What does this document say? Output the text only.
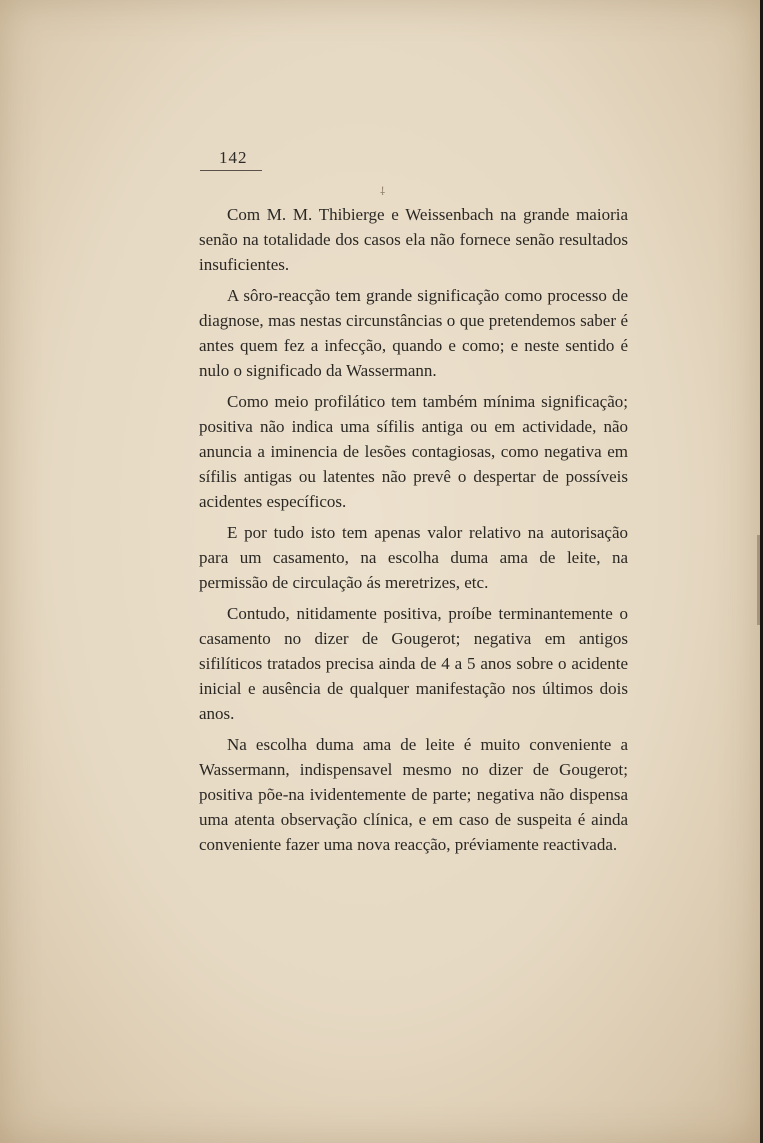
142
⸸

Com M. M. Thibierge e Weissenbach na grande maioria senão na totalidade dos casos ela não fornece senão resultados insuficientes.

A sôro-reacção tem grande significação como processo de diagnose, mas nestas circunstâncias o que pretendemos saber é antes quem fez a infecção, quando e como; e neste sentido é nulo o significado da Wassermann.

Como meio profilático tem também mínima significação; positiva não indica uma sífilis antiga ou em actividade, não anuncia a iminencia de lesões contagiosas, como negativa em sífilis antigas ou latentes não prevê o despertar de possíveis acidentes específicos.

E por tudo isto tem apenas valor relativo na autorisação para um casamento, na escolha duma ama de leite, na permissão de circulação ás meretrizes, etc.

Contudo, nitidamente positiva, proíbe terminantemente o casamento no dizer de Gougerot; negativa em antigos sifilíticos tratados precisa ainda de 4 a 5 anos sobre o acidente inicial e ausência de qualquer manifestação nos últimos dois anos.

Na escolha duma ama de leite é muito conveniente a Wassermann, indispensavel mesmo no dizer de Gougerot; positiva põe-na ividentemente de parte; negativa não dispensa uma atenta observação clínica, e em caso de suspeita é ainda conveniente fazer uma nova reacção, préviamente reactivada.
